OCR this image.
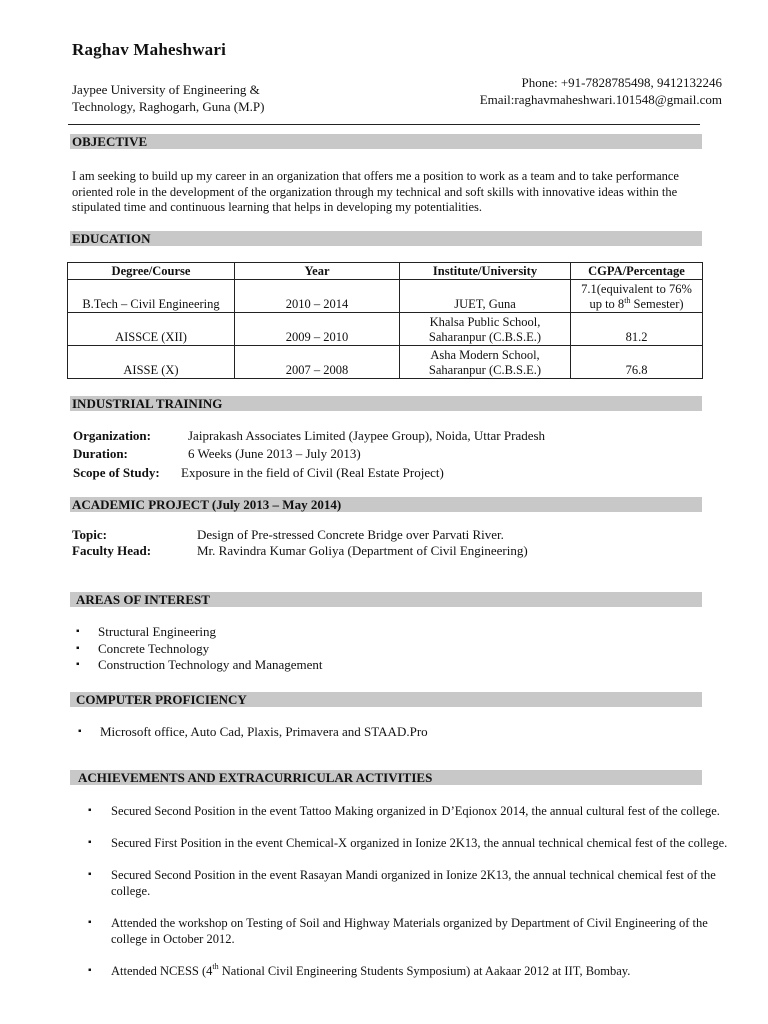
Raghav Maheshwari
Jaypee University of Engineering &
Technology, Raghogarh, Guna (M.P)
Phone: +91-7828785498, 9412132246
Email:raghavmaheshwari.101548@gmail.com
OBJECTIVE
I am seeking to build up my career in an organization that offers me a position to work as a team and to take performance oriented role in the development of the organization through my technical and soft skills with innovative ideas within the stipulated time and continuous learning that helps in developing my potentialities.
EDUCATION
Degree/Course	Year	Institute/University	CGPA/Percentage
B.Tech – Civil Engineering	2010 – 2014	JUET, Guna	7.1(equivalent to 76% up to 8th Semester)
AISSCE (XII)	2009 – 2010	Khalsa Public School, Saharanpur (C.B.S.E.)	81.2
AISSE (X)	2007 – 2008	Asha Modern School, Saharanpur (C.B.S.E.)	76.8
INDUSTRIAL TRAINING
Organization:	Jaiprakash Associates Limited (Jaypee Group), Noida, Uttar Pradesh
Duration:	6 Weeks (June 2013 – July 2013)
Scope of Study: Exposure in the field of Civil (Real Estate Project)
ACADEMIC PROJECT (July 2013 – May 2014)
Topic:	Design of Pre-stressed Concrete Bridge over Parvati River.
Faculty Head:	Mr. Ravindra Kumar Goliya (Department of Civil Engineering)
AREAS OF INTEREST
▪ Structural Engineering
▪ Concrete Technology
▪ Construction Technology and Management
COMPUTER PROFICIENCY
▪ Microsoft office, Auto Cad, Plaxis, Primavera and STAAD.Pro
ACHIEVEMENTS AND EXTRACURRICULAR ACTIVITIES
▪ Secured Second Position in the event Tattoo Making organized in D’Eqionox 2014, the annual cultural fest of the college.
▪ Secured First Position in the event Chemical-X organized in Ionize 2K13, the annual technical chemical fest of the college.
▪ Secured Second Position in the event Rasayan Mandi organized in Ionize 2K13, the annual technical chemical fest of the college.
▪ Attended the workshop on Testing of Soil and Highway Materials organized by Department of Civil Engineering of the college in October 2012.
▪ Attended NCESS (4th National Civil Engineering Students Symposium) at Aakaar 2012 at IIT, Bombay.
